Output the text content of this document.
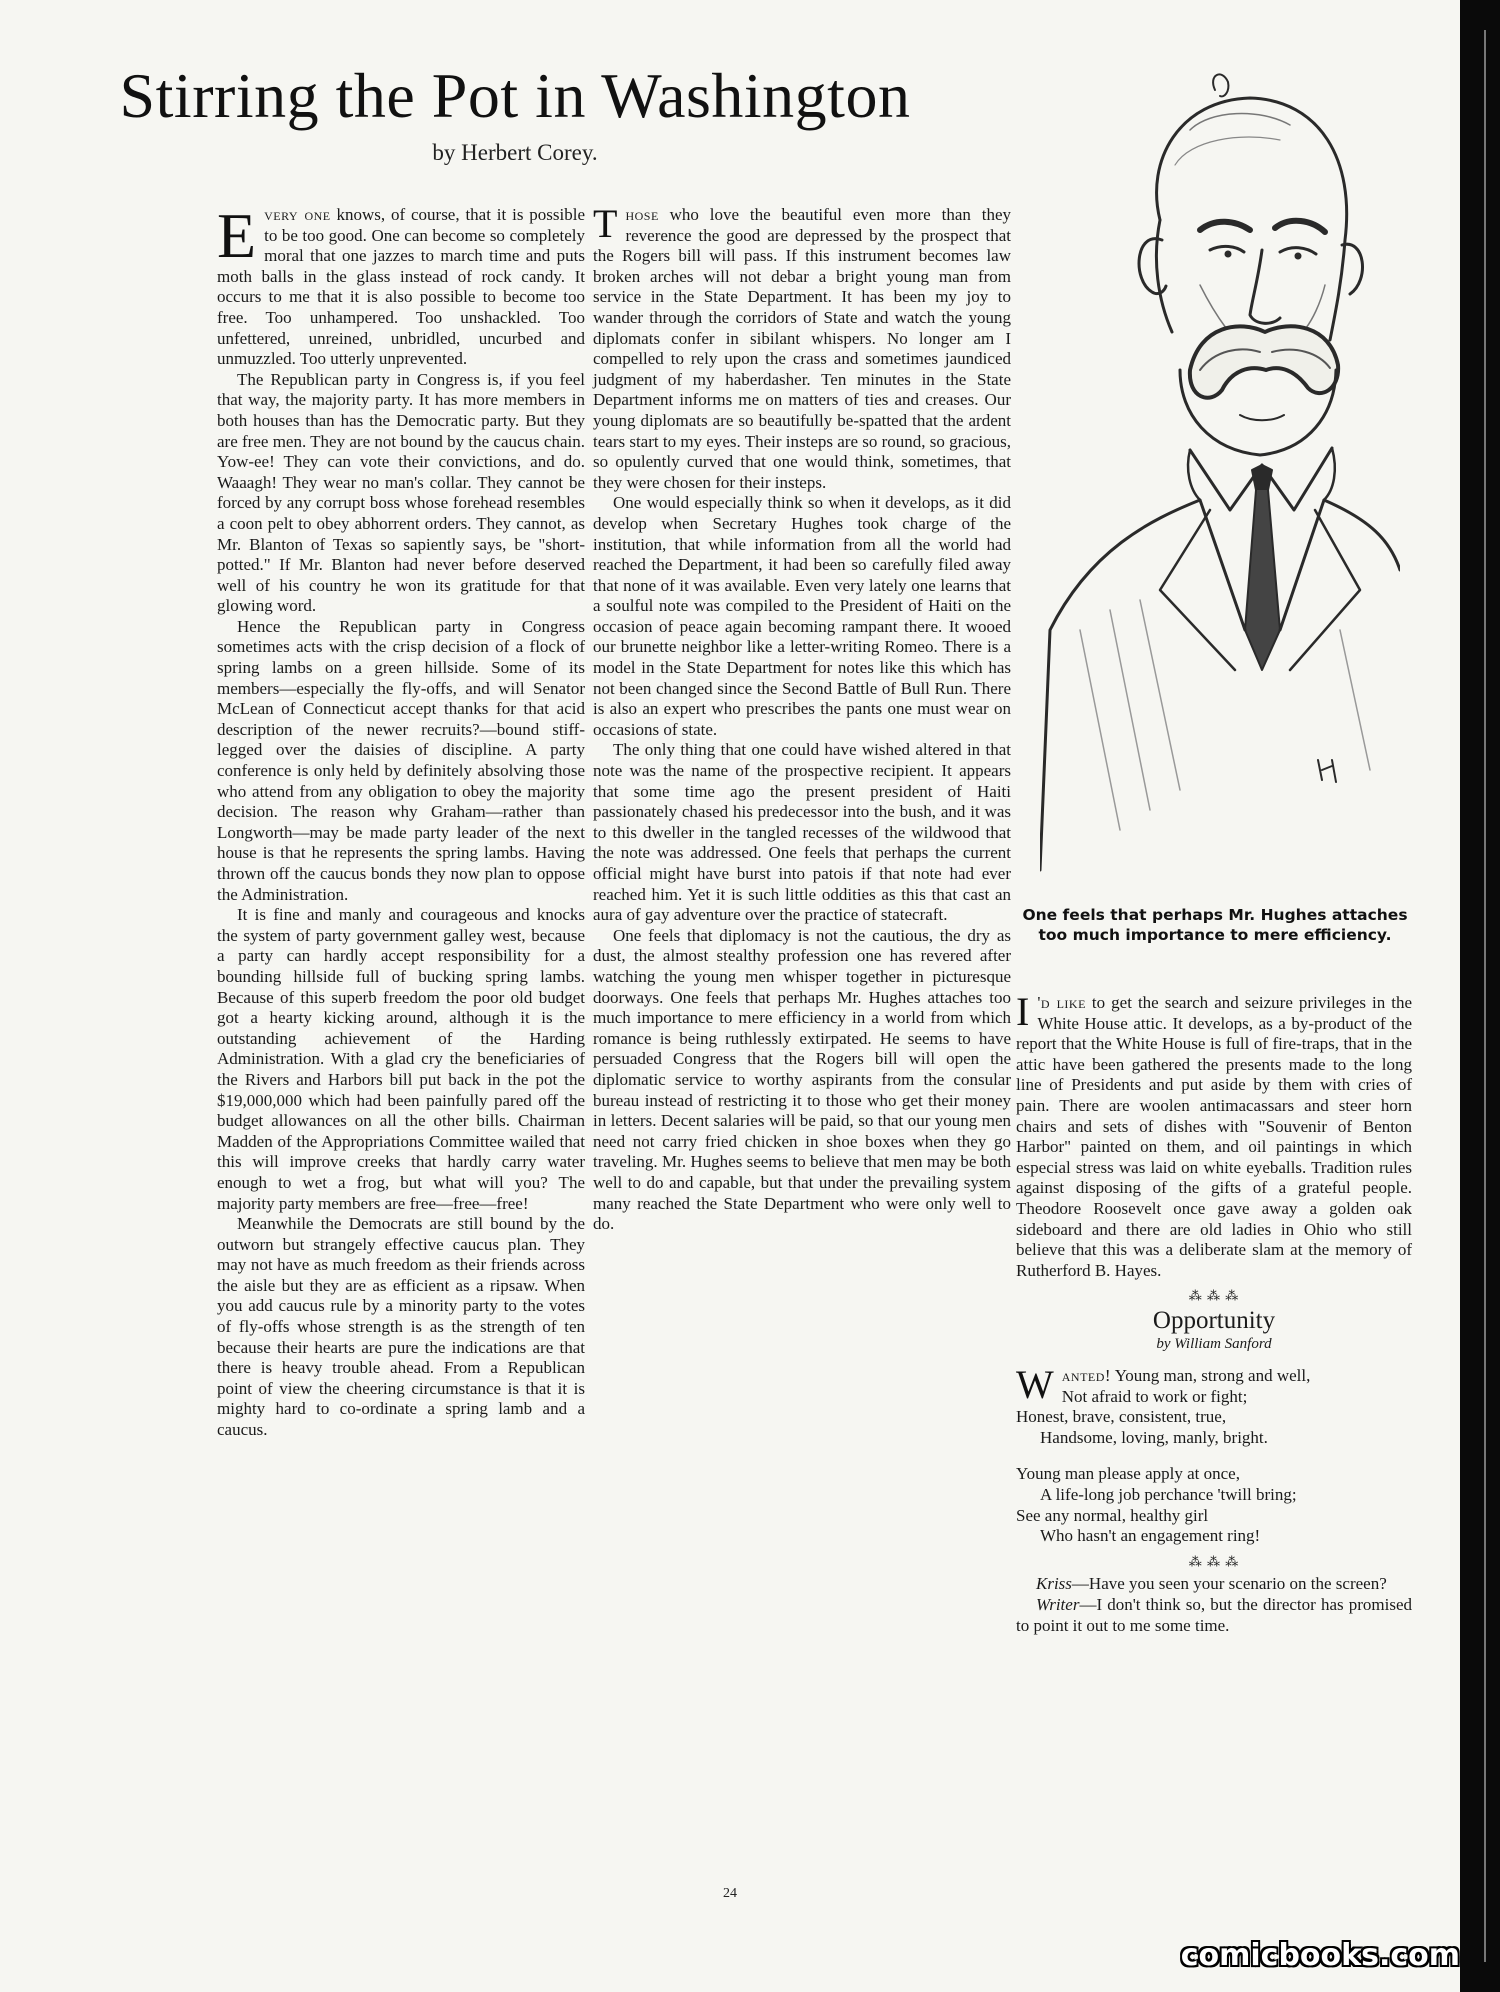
Stirring the Pot in Washington
by Herbert Corey.

Every one knows, of course, that it is possible to be too good. One can become so completely moral that one jazzes to march time and puts moth balls in the glass instead of rock candy. It occurs to me that it is also possible to become too free. Too unhampered. Too unshackled. Too unfettered, unreined, unbridled, uncurbed and unmuzzled. Too utterly unprevented.

The Republican party in Congress is, if you feel that way, the majority party. It has more members in both houses than has the Democratic party. But they are free men. They are not bound by the caucus chain. Yow-ee! They can vote their convictions, and do. Waaagh! They wear no man's collar. They cannot be forced by any corrupt boss whose forehead resembles a coon pelt to obey abhorrent orders. They cannot, as Mr. Blanton of Texas so sapiently says, be "short-potted." If Mr. Blanton had never before deserved well of his country he won its gratitude for that glowing word.

Hence the Republican party in Congress sometimes acts with the crisp decision of a flock of spring lambs on a green hillside. Some of its members—especially the fly-offs, and will Senator McLean of Connecticut accept thanks for that acid description of the newer recruits?—bound stiff-legged over the daisies of discipline. A party conference is only held by definitely absolving those who attend from any obligation to obey the majority decision. The reason why Graham—rather than Longworth—may be made party leader of the next house is that he represents the spring lambs. Having thrown off the caucus bonds they now plan to oppose the Administration.

It is fine and manly and courageous and knocks the system of party government galley west, because a party can hardly accept responsibility for a bounding hillside full of bucking spring lambs. Because of this superb freedom the poor old budget got a hearty kicking around, although it is the outstanding achievement of the Harding Administration. With a glad cry the beneficiaries of the Rivers and Harbors bill put back in the pot the $19,000,000 which had been painfully pared off the budget allowances on all the other bills. Chairman Madden of the Appropriations Committee wailed that this will improve creeks that hardly carry water enough to wet a frog, but what will you? The majority party members are free—free—free!

Meanwhile the Democrats are still bound by the outworn but strangely effective caucus plan. They may not have as much freedom as their friends across the aisle but they are as efficient as a ripsaw. When you add caucus rule by a minority party to the votes of fly-offs whose strength is as the strength of ten because their hearts are pure the indications are that there is heavy trouble ahead. From a Republican point of view the cheering circumstance is that it is mighty hard to co-ordinate a spring lamb and a caucus.

Those who love the beautiful even more than they reverence the good are depressed by the prospect that the Rogers bill will pass. If this instrument becomes law broken arches will not debar a bright young man from service in the State Department. It has been my joy to wander through the corridors of State and watch the young diplomats confer in sibilant whispers. No longer am I compelled to rely upon the crass and sometimes jaundiced judgment of my haberdasher. Ten minutes in the State Department informs me on matters of ties and creases. Our young diplomats are so beautifully be-spatted that the ardent tears start to my eyes. Their insteps are so round, so gracious, so opulently curved that one would think, sometimes, that they were chosen for their insteps.

One would especially think so when it develops, as it did develop when Secretary Hughes took charge of the institution, that while information from all the world had reached the Department, it had been so carefully filed away that none of it was available. Even very lately one learns that a soulful note was compiled to the President of Haiti on the occasion of peace again becoming rampant there. It wooed our brunette neighbor like a letter-writing Romeo. There is a model in the State Department for notes like this which has not been changed since the Second Battle of Bull Run. There is also an expert who prescribes the pants one must wear on occasions of state.

The only thing that one could have wished altered in that note was the name of the prospective recipient. It appears that some time ago the present president of Haiti passionately chased his predecessor into the bush, and it was to this dweller in the tangled recesses of the wildwood that the note was addressed. One feels that perhaps the current official might have burst into patois if that note had ever reached him. Yet it is such little oddities as this that cast an aura of gay adventure over the practice of statecraft.

One feels that diplomacy is not the cautious, the dry as dust, the almost stealthy profession one has revered after watching the young men whisper together in picturesque doorways. One feels that perhaps Mr. Hughes attaches too much importance to mere efficiency in a world from which romance is being ruthlessly extirpated. He seems to have persuaded Congress that the Rogers bill will open the diplomatic service to worthy aspirants from the consular bureau instead of restricting it to those who get their money in letters. Decent salaries will be paid, so that our young men need not carry fried chicken in shoe boxes when they go traveling. Mr. Hughes seems to believe that men may be both well to do and capable, but that under the prevailing system many reached the State Department who were only well to do.

One feels that perhaps Mr. Hughes attaches too much importance to mere efficiency.

I 'd like to get the search and seizure privileges in the White House attic. It develops, as a by-product of the report that the White House is full of fire-traps, that in the attic have been gathered the presents made to the long line of Presidents and put aside by them with cries of pain. There are woolen antimacassars and steer horn chairs and sets of dishes with "Souvenir of Benton Harbor" painted on them, and oil paintings in which especial stress was laid on white eyeballs. Tradition rules against disposing of the gifts of a grateful people. Theodore Roosevelt once gave away a golden oak sideboard and there are old ladies in Ohio who still believe that this was a deliberate slam at the memory of Rutherford B. Hayes.

⁂ ⁂ ⁂
Opportunity
by William Sanford
Wanted! Young man, strong and well,
Not afraid to work or fight;
Honest, brave, consistent, true,
Handsome, loving, manly, bright.
Young man please apply at once,
A life-long job perchance 'twill bring;
See any normal, healthy girl
Who hasn't an engagement ring!
⁂ ⁂ ⁂

Kriss—Have you seen your scenario on the screen?

Writer—I don't think so, but the director has promised to point it out to me some time.

24
comicbooks.com
